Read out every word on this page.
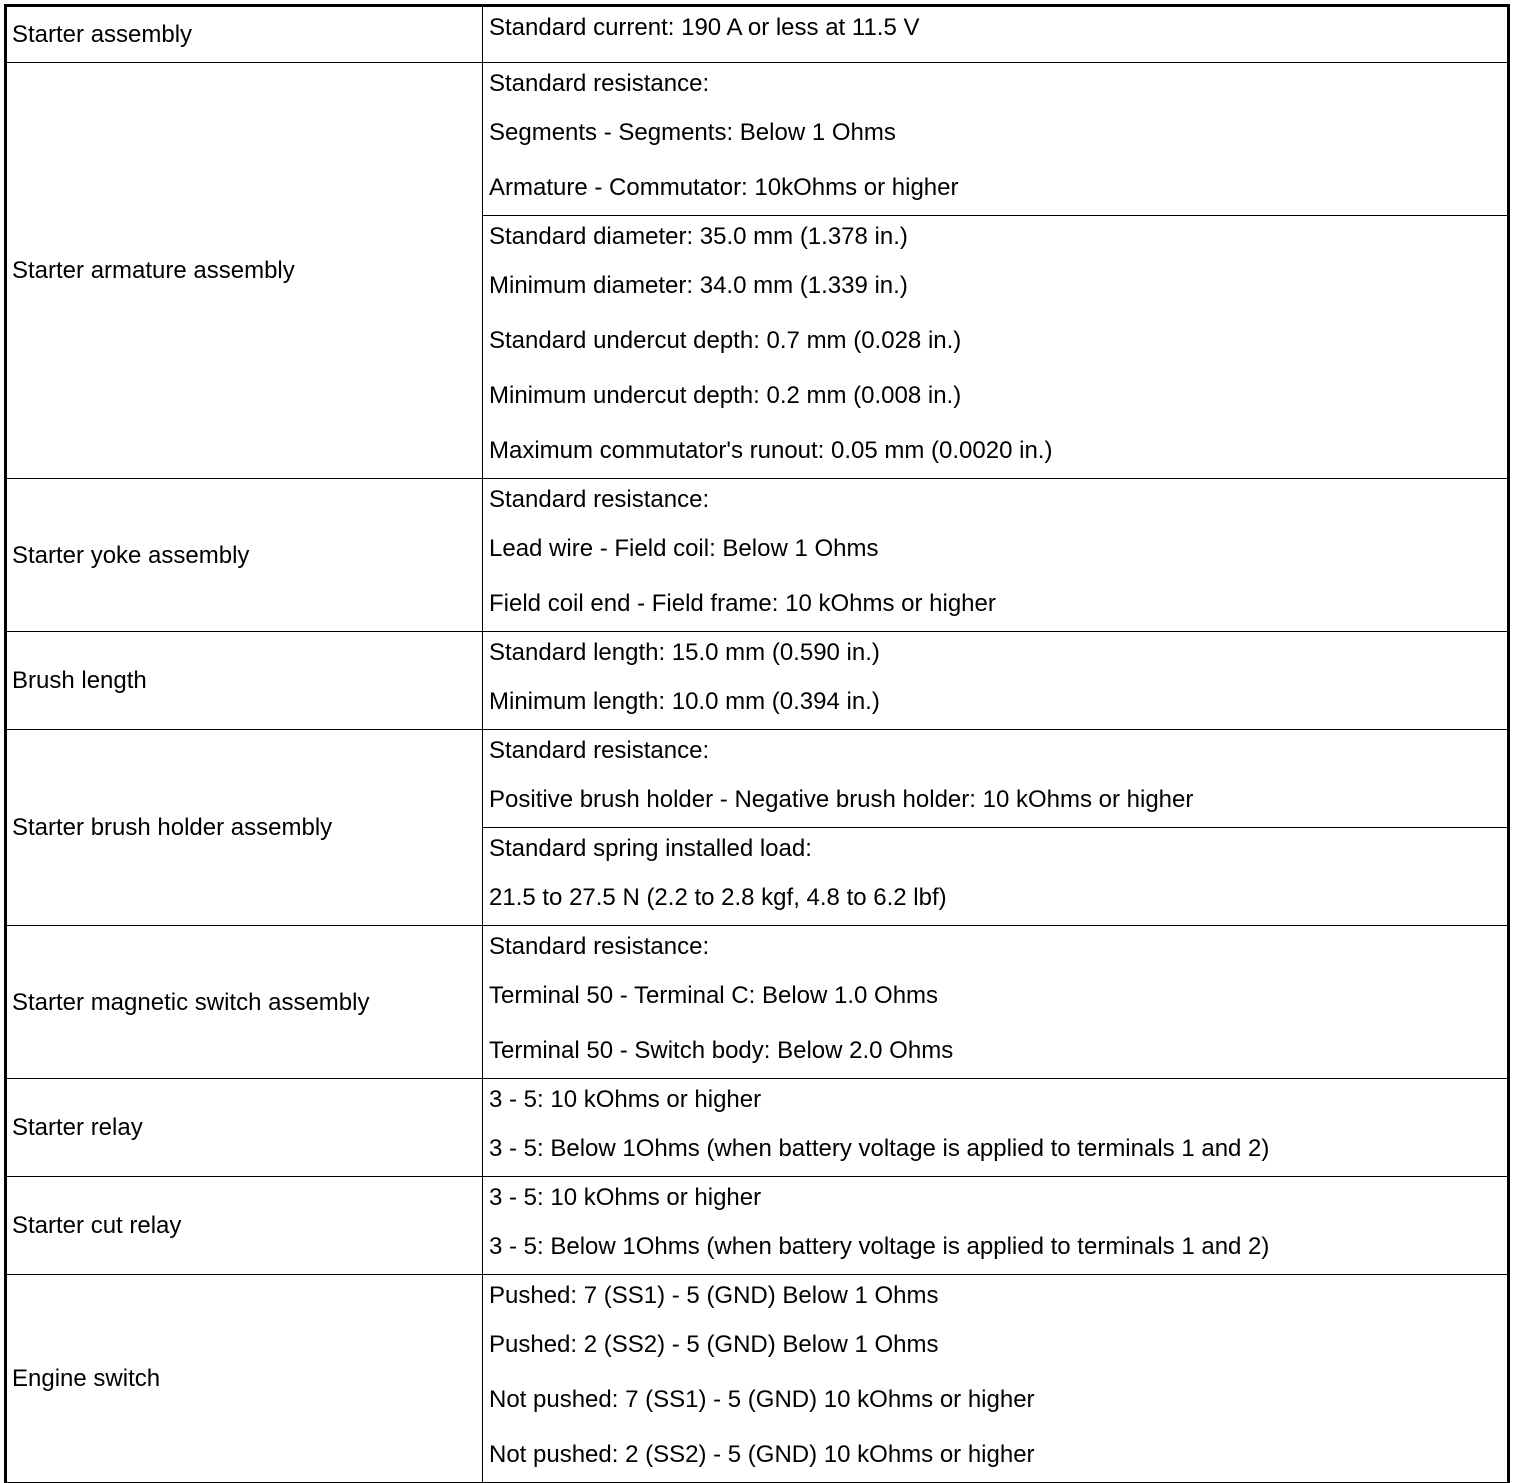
Starter assembly	Standard current: 190 A or less at 11.5 V

Starter armature assembly	Standard resistance:
Segments - Segments: Below 1 Ohms
Armature - Commutator: 10kOhms or higher

	Standard diameter: 35.0 mm (1.378 in.)
Minimum diameter: 34.0 mm (1.339 in.)
Standard undercut depth: 0.7 mm (0.028 in.)
Minimum undercut depth: 0.2 mm (0.008 in.)
Maximum commutator's runout: 0.05 mm (0.0020 in.)

Starter yoke assembly	Standard resistance:
Lead wire - Field coil: Below 1 Ohms
Field coil end - Field frame: 10 kOhms or higher

Brush length	Standard length: 15.0 mm (0.590 in.)
Minimum length: 10.0 mm (0.394 in.)

Starter brush holder assembly	Standard resistance:
Positive brush holder - Negative brush holder: 10 kOhms or higher

	Standard spring installed load:
21.5 to 27.5 N (2.2 to 2.8 kgf, 4.8 to 6.2 lbf)

Starter magnetic switch assembly	Standard resistance:
Terminal 50 - Terminal C: Below 1.0 Ohms
Terminal 50 - Switch body: Below 2.0 Ohms

Starter relay	3 - 5: 10 kOhms or higher
3 - 5: Below 1Ohms (when battery voltage is applied to terminals 1 and 2)

Starter cut relay	3 - 5: 10 kOhms or higher
3 - 5: Below 1Ohms (when battery voltage is applied to terminals 1 and 2)

Engine switch	Pushed: 7 (SS1) - 5 (GND) Below 1 Ohms
Pushed: 2 (SS2) - 5 (GND) Below 1 Ohms
Not pushed: 7 (SS1) - 5 (GND) 10 kOhms or higher
Not pushed: 2 (SS2) - 5 (GND) 10 kOhms or higher
